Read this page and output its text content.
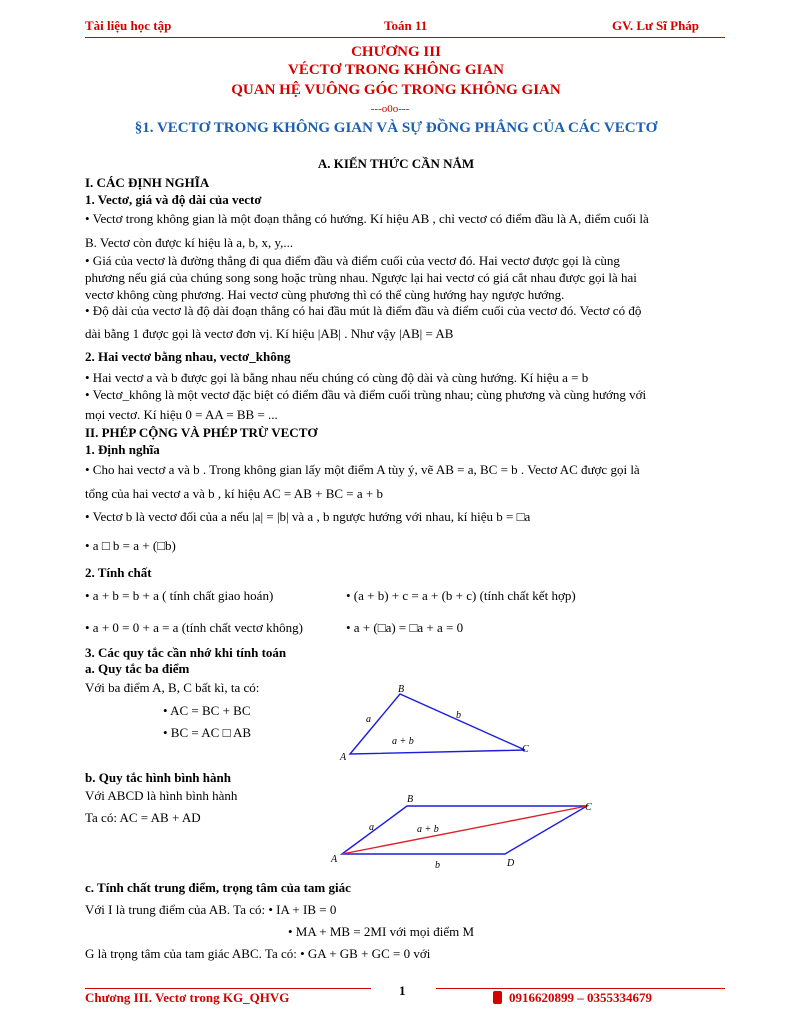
Tài liệu học tập	Toán 11	GV. Lư Sĩ Pháp
CHƯƠNG III
VÉCTƠ TRONG KHÔNG GIAN
QUAN HỆ VUÔNG GÓC TRONG KHÔNG GIAN
---o0o---
§1. VECTƠ TRONG KHÔNG GIAN VÀ SỰ ĐỒNG PHẲNG CỦA CÁC VECTƠ
A. KIẾN THỨC CẦN NẮM
I. CÁC ĐỊNH NGHĨA
1. Vectơ, giá và độ dài của vectơ
• Vectơ trong không gian là một đoạn thẳng có hướng. Kí hiệu AB , chỉ vectơ có điểm đầu là A, điểm cuối là
B. Vectơ còn được kí hiệu là a, b, x, y,...
• Giá của vectơ là đường thẳng đi qua điểm đầu và điểm cuối của vectơ đó. Hai vectơ được gọi là cùng
phương nếu giá của chúng song song hoặc trùng nhau. Ngược lại hai vectơ có giá cắt nhau được gọi là hai
vectơ không cùng phương. Hai vectơ cùng phương thì có thể cùng hướng hay ngược hướng.
• Độ dài của vectơ là độ dài đoạn thẳng có hai đầu mút là điểm đầu và điểm cuối của vectơ đó. Vectơ có độ
dài bằng 1 được gọi là vectơ đơn vị. Kí hiệu |AB| . Như vậy |AB| = AB
2. Hai vectơ bằng nhau, vectơ_không
• Hai vectơ a và b được gọi là bằng nhau nếu chúng có cùng độ dài và cùng hướng. Kí hiệu a = b
• Vectơ_không là một vectơ đặc biệt có điểm đầu và điểm cuối trùng nhau; cùng phương và cùng hướng với
mọi vectơ. Kí hiệu 0 = AA = BB = ...
II. PHÉP CỘNG VÀ PHÉP TRỪ VECTƠ
1. Định nghĩa
• Cho hai vectơ a và b . Trong không gian lấy một điểm A tùy ý, vẽ AB = a, BC = b . Vectơ AC được gọi là
tổng của hai vectơ a và b , kí hiệu AC = AB + BC = a + b
• Vectơ b là vectơ đối của a nếu |a| = |b| và a , b ngược hướng với nhau, kí hiệu b = □a
• a □ b = a + (□b)
2. Tính chất
• a + b = b + a ( tính chất giao hoán)	• (a + b) + c = a + (b + c) (tính chất kết hợp)
• a + 0 = 0 + a = a (tính chất vectơ không)	• a + (□a) = □a + a = 0
3. Các quy tắc cần nhớ khi tính toán
a. Quy tắc ba điểm
Với ba điểm A, B, C bất kì, ta có:
• AC = BC + BC
• BC = AC □ AB
b. Quy tắc hình bình hành
Với ABCD là hình bình hành
Ta có: AC = AB + AD
c. Tính chất trung điểm, trọng tâm của tam giác
Với I là trung điểm của AB. Ta có: • IA + IB = 0
• MA + MB = 2MI với mọi điểm M
G là trọng tâm của tam giác ABC. Ta có: • GA + GB + GC = 0 với
A
B
C
a	b
a + b
A
B
C
D
a
b
a + b
Chương III. Vectơ trong KG_QHVG	1	0916620899 – 0355334679
